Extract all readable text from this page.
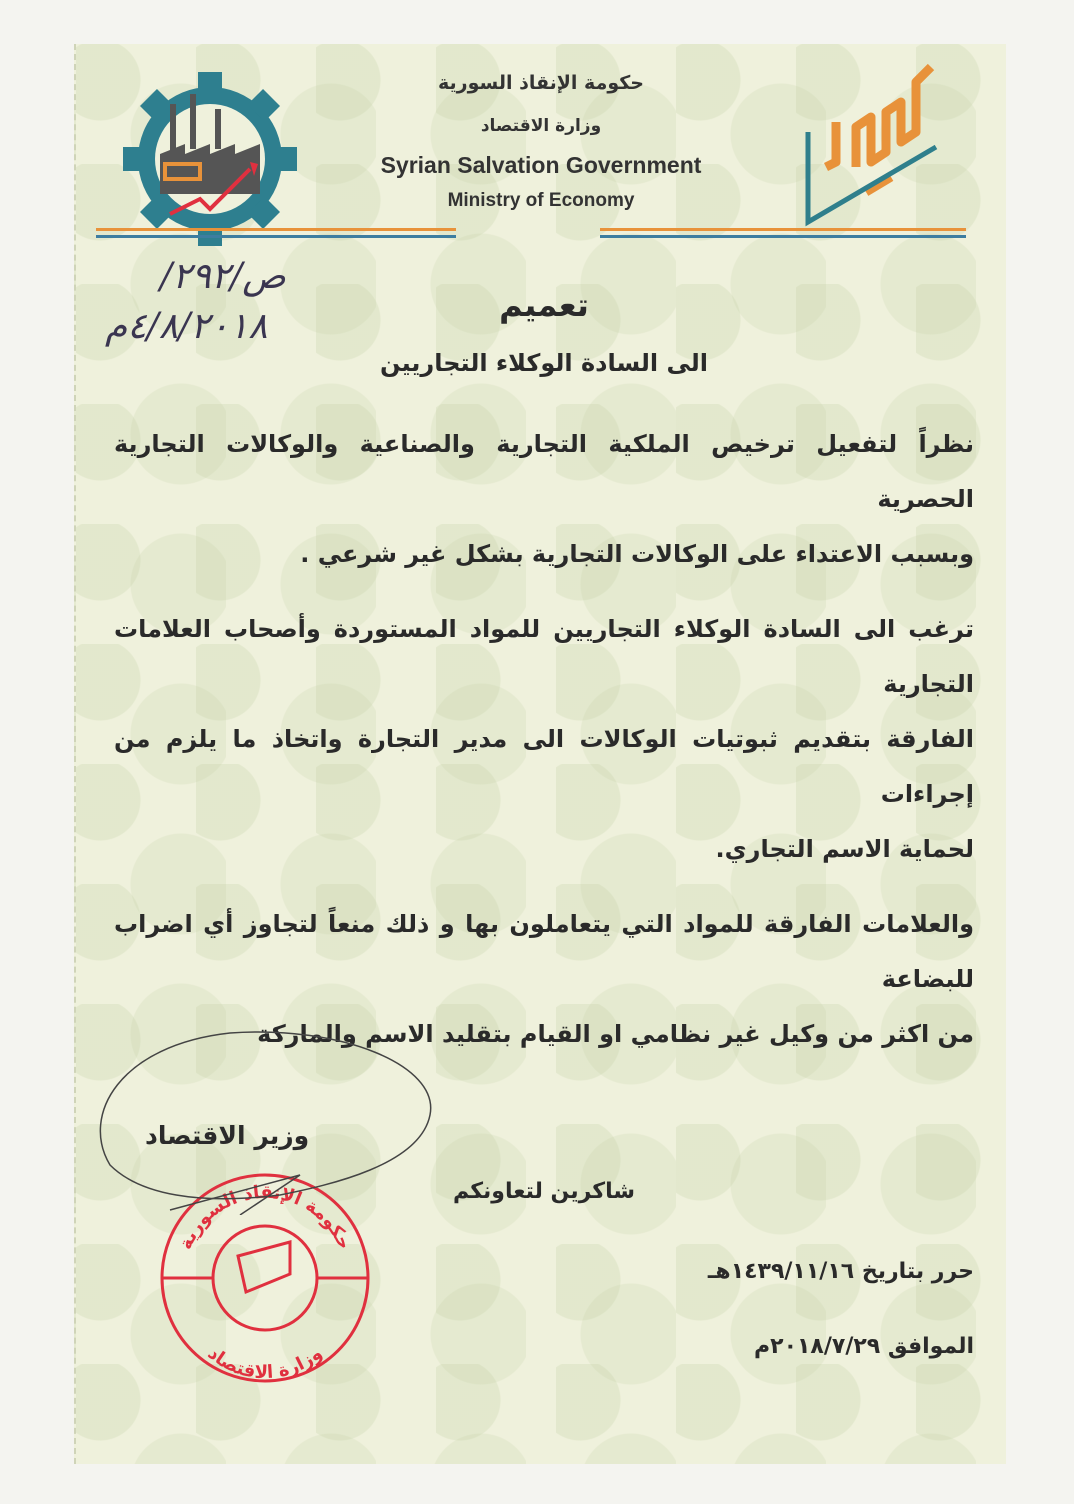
حكومة الإنقاذ السورية
وزارة الاقتصاد
Syrian Salvation Government
Ministry of Economy
ص/٢٩٢/
٤/٨/٢٠١٨م
تعميم
الى السادة الوكلاء التجاريين
نظراً لتفعيل ترخيص الملكية التجارية والصناعية والوكالات التجارية الحصرية
وبسبب الاعتداء على الوكالات التجارية بشكل غير شرعي .
ترغب الى السادة الوكلاء التجاريين للمواد المستوردة وأصحاب العلامات التجارية
الفارقة بتقديم ثبوتيات الوكالات الى مدير التجارة واتخاذ ما يلزم من إجراءات
لحماية الاسم التجاري.
والعلامات الفارقة للمواد التي يتعاملون بها و ذلك منعاً لتجاوز أي اضراب للبضاعة
من اكثر من وكيل غير نظامي او القيام بتقليد الاسم والماركة
شاكرين لتعاونكم
حرر بتاريخ ١٤٣٩/١١/١٦هـ
الموافق ٢٠١٨/٧/٢٩م
وزير الاقتصاد
حكومة الإنقاذ السورية
وزارة الاقتصاد
